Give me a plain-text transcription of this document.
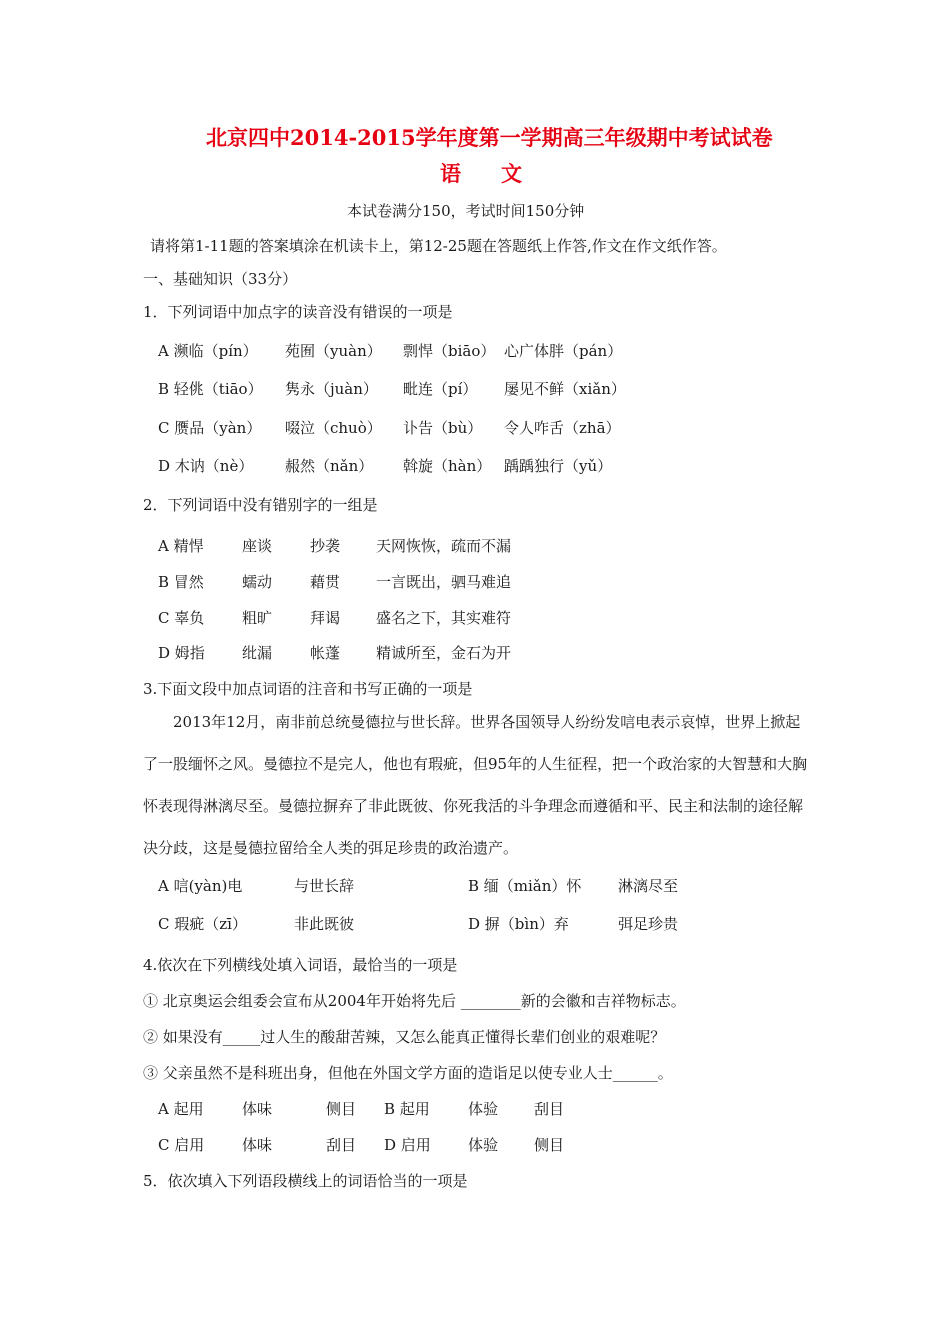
北京四中2014-2015学年度第一学期高三年级期中考试试卷
语文
本试卷满分150，考试时间150分钟
请将第1-11题的答案填涂在机读卡上，第12-25题在答题纸上作答,作文在作文纸作答。
一、基础知识（33分）
1．下列词语中加点字的读音没有错误的一项是
A 濒临（pín） 苑囿（yuàn） 剽悍（biāo） 心广体胖（pán）
B 轻佻（tiāo） 隽永（juàn） 毗连（pí） 屡见不鲜（xiǎn）
C 赝品（yàn） 啜泣（chuò） 讣告（bù） 令人咋舌（zhā）
D 木讷（nè） 赧然（nǎn） 斡旋（hàn） 踽踽独行（yǔ）
2．下列词语中没有错别字的一组是
A 精悍	座谈	抄袭 天网恢恢，疏而不漏
B 冒然	蠕动	藉贯 一言既出，驷马难追
C 辜负	粗旷	拜谒 盛名之下，其实难符
D 姆指 纰漏	帐蓬 精诚所至，金石为开
3.下面文段中加点词语的注音和书写正确的一项是
2013年12月，南非前总统曼德拉与世长辞。世界各国领导人纷纷发唁电表示哀悼，世界上掀起了一股缅怀之风。曼德拉不是完人，他也有瑕疵，但95年的人生征程，把一个政治家的大智慧和大胸怀表现得淋漓尽至。曼德拉摒弃了非此既彼、你死我活的斗争理念而遵循和平、民主和法制的途径解决分歧，这是曼德拉留给全人类的弭足珍贵的政治遗产。
A 唁(yàn)电	与世长辞	B 缅（miǎn）怀 淋漓尽至
C 瑕疵（zī）	非此既彼	D 摒（bìn）弃	弭足珍贵
4.依次在下列横线处填入词语，最恰当的一项是
① 北京奥运会组委会宣布从2004年开始将先后 ________新的会徽和吉祥物标志。
② 如果没有_____过人生的酸甜苦辣，又怎么能真正懂得长辈们创业的艰难呢？
③ 父亲虽然不是科班出身，但他在外国文学方面的造诣足以使专业人士______。
A 起用	体味	侧目 B 起用	体验 刮目
C 启用	体味	刮目 D 启用 体验 侧目
5．依次填入下列语段横线上的词语恰当的一项是
